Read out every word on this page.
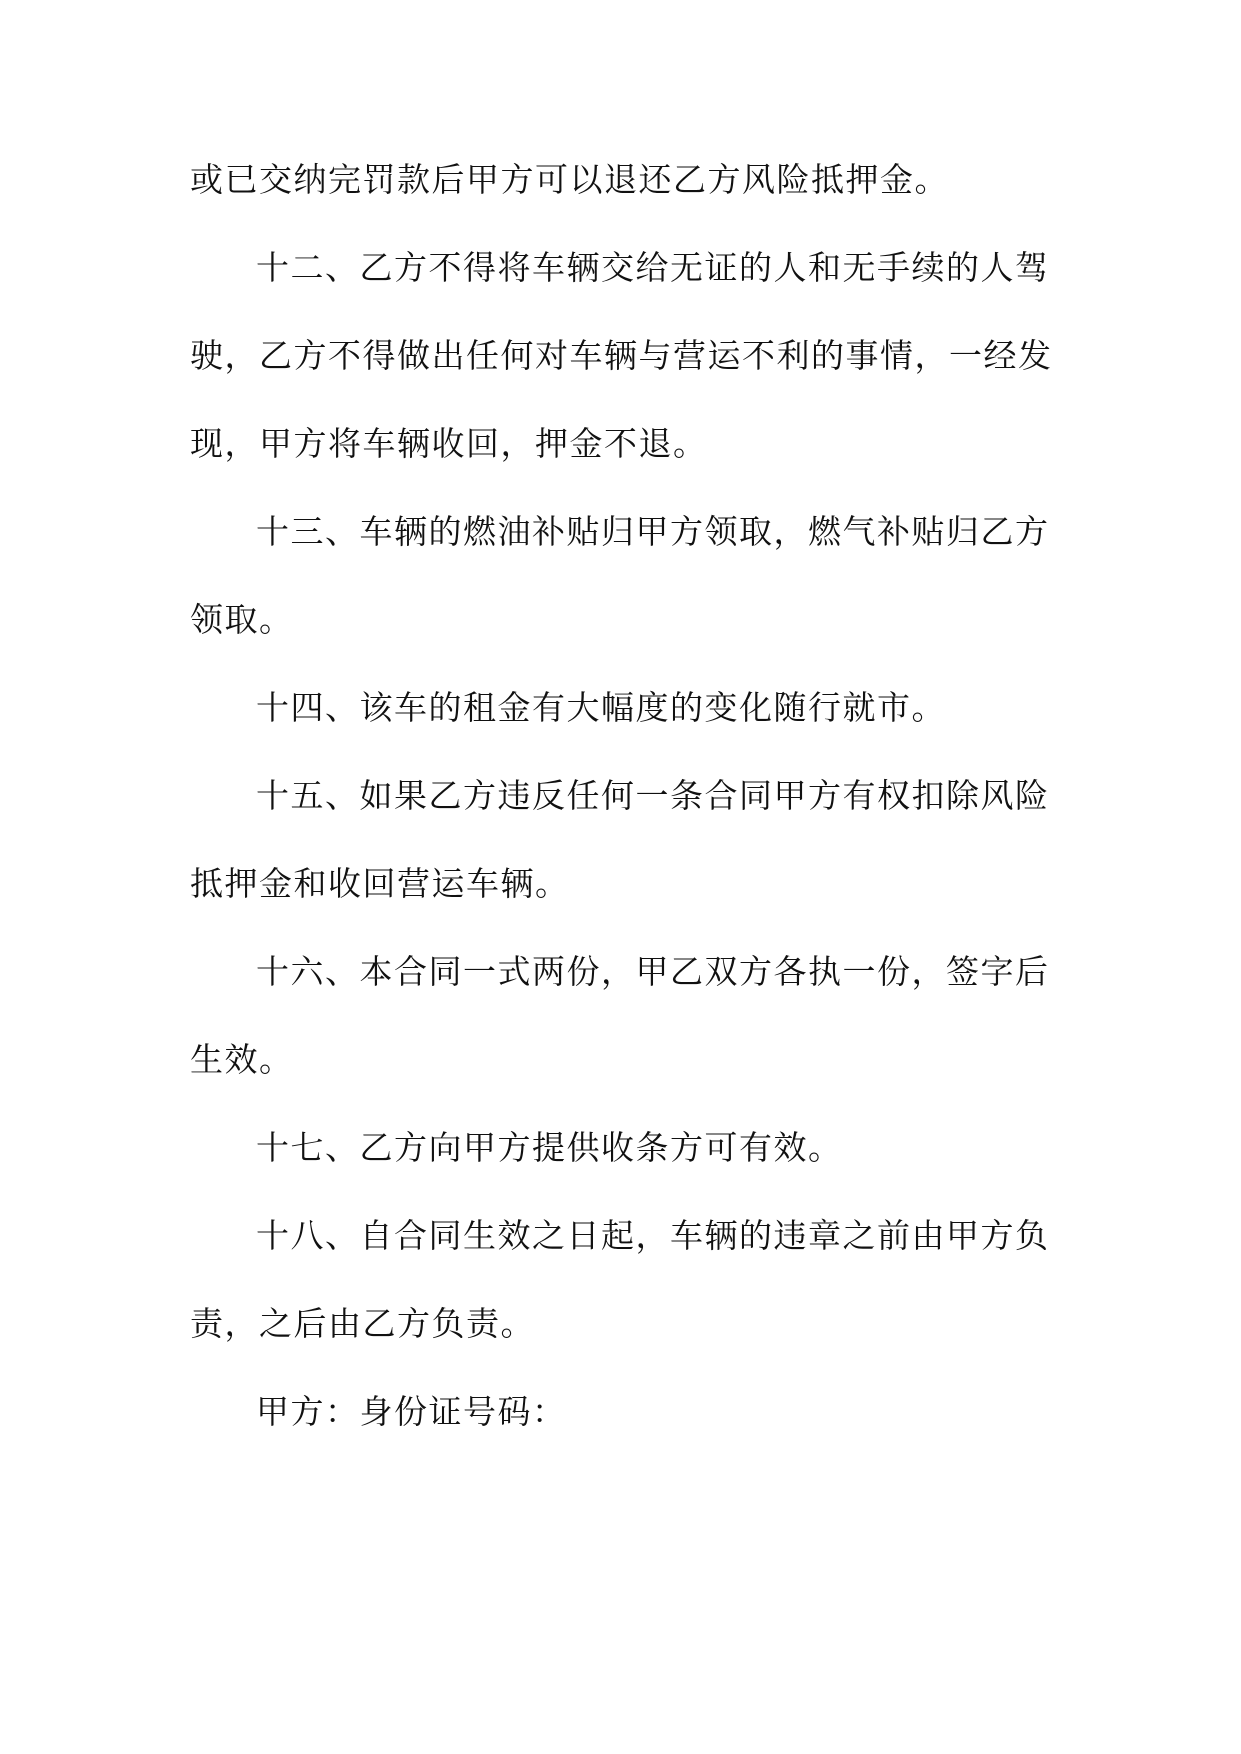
或已交纳完罚款后甲方可以退还乙方风险抵押金。
十二、乙方不得将车辆交给无证的人和无手续的人驾
驶，乙方不得做出任何对车辆与营运不利的事情，一经发
现，甲方将车辆收回，押金不退。
十三、车辆的燃油补贴归甲方领取，燃气补贴归乙方
领取。
十四、该车的租金有大幅度的变化随行就市。
十五、如果乙方违反任何一条合同甲方有权扣除风险
抵押金和收回营运车辆。
十六、本合同一式两份，甲乙双方各执一份，签字后
生效。
十七、乙方向甲方提供收条方可有效。
十八、自合同生效之日起，车辆的违章之前由甲方负
责，之后由乙方负责。
甲方：身份证号码：
